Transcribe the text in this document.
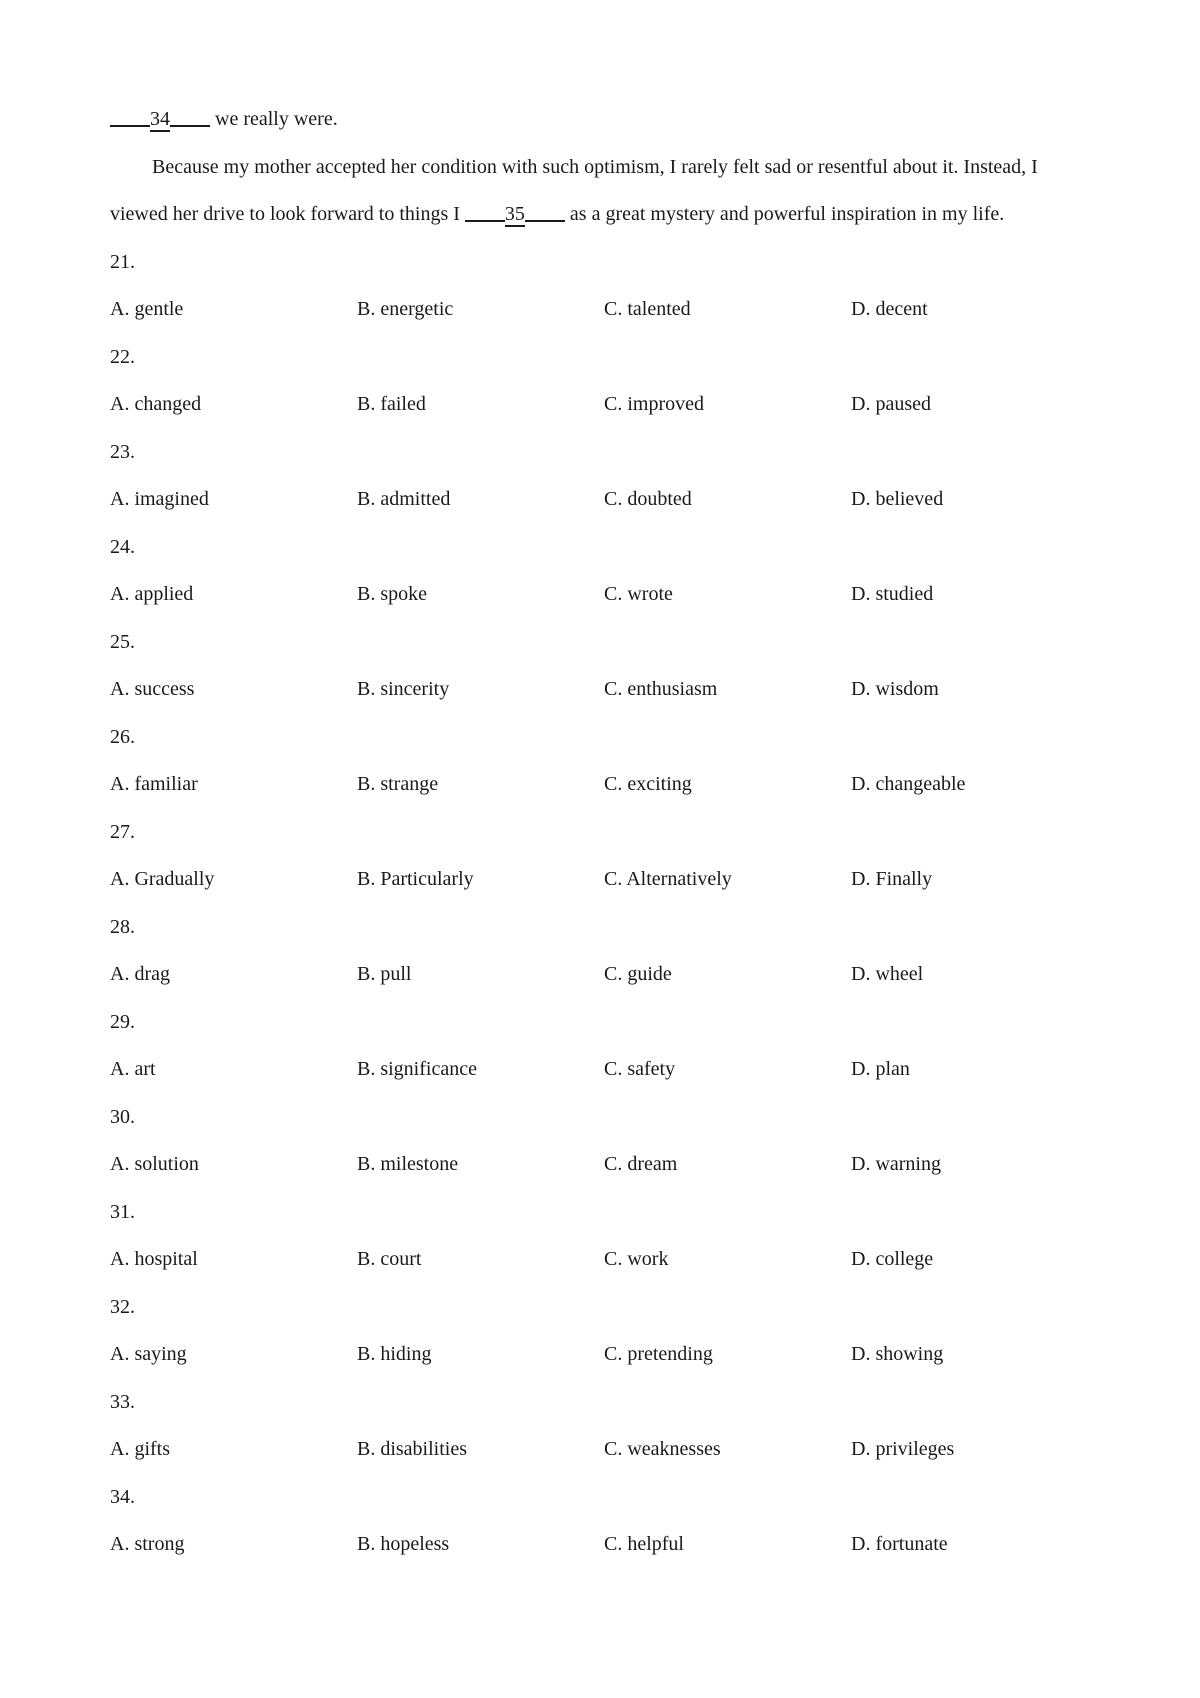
34 we really were.
Because my mother accepted her condition with such optimism, I rarely felt sad or resentful about it. Instead, I
viewed her drive to look forward to things I 35 as a great mystery and powerful inspiration in my life.
21.
A. gentle	B. energetic	C. talented	D. decent
22.
A. changed	B. failed	C. improved	D. paused
23.
A. imagined	B. admitted	C. doubted	D. believed
24.
A. applied	B. spoke	C. wrote	D. studied
25.
A. success	B. sincerity	C. enthusiasm	D. wisdom
26.
A. familiar	B. strange	C. exciting	D. changeable
27.
A. Gradually	B. Particularly	C. Alternatively	D. Finally
28.
A. drag	B. pull	C. guide	D. wheel
29.
A. art	B. significance	C. safety	D. plan
30.
A. solution	B. milestone	C. dream	D. warning
31.
A. hospital	B. court	C. work	D. college
32.
A. saying	B. hiding	C. pretending	D. showing
33.
A. gifts	B. disabilities	C. weaknesses	D. privileges
34.
A. strong	B. hopeless	C. helpful	D. fortunate
